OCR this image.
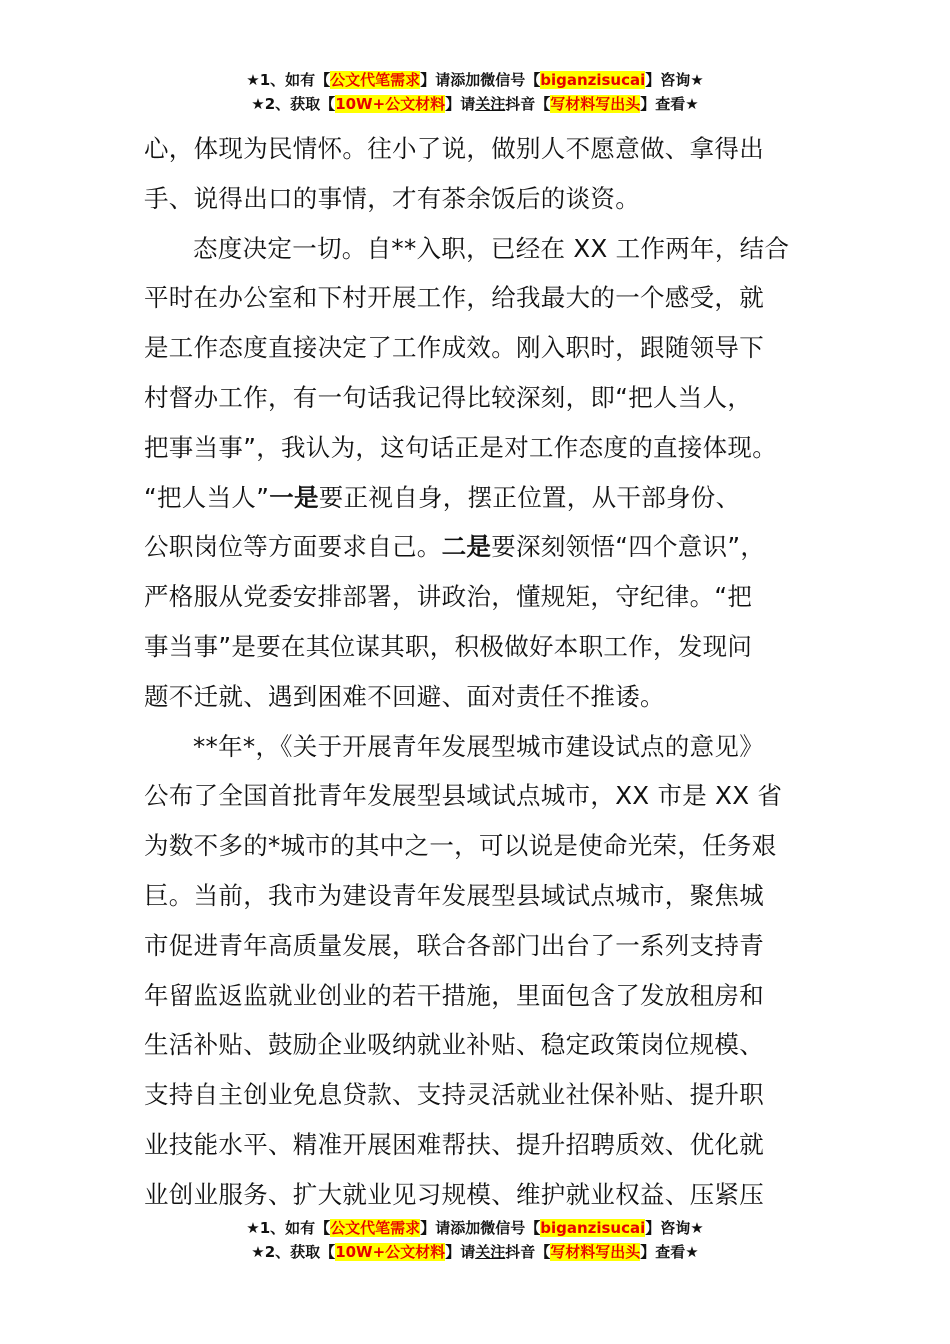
★1、如有【公文代笔需求】请添加微信号【biganzisucai】咨询★
★2、获取【10W+公文材料】请关注抖音【写材料写出头】查看★
心，体现为民情怀。往小了说，做别人不愿意做、拿得出
手、说得出口的事情，才有茶余饭后的谈资。
态度决定一切。自**入职，已经在 XX 工作两年，结合
平时在办公室和下村开展工作，给我最大的一个感受，就
是工作态度直接决定了工作成效。刚入职时，跟随领导下
村督办工作，有一句话我记得比较深刻，即“把人当人，
把事当事”，我认为，这句话正是对工作态度的直接体现。
“把人当人”一是要正视自身，摆正位置，从干部身份、
公职岗位等方面要求自己。二是要深刻领悟“四个意识”，
严格服从党委安排部署，讲政治，懂规矩，守纪律。“把
事当事”是要在其位谋其职，积极做好本职工作，发现问
题不迁就、遇到困难不回避、面对责任不推诿。
**年*，《关于开展青年发展型城市建设试点的意见》
公布了全国首批青年发展型县域试点城市，XX 市是 XX 省
为数不多的*城市的其中之一，可以说是使命光荣，任务艰
巨。当前，我市为建设青年发展型县域试点城市，聚焦城
市促进青年高质量发展，联合各部门出台了一系列支持青
年留监返监就业创业的若干措施，里面包含了发放租房和
生活补贴、鼓励企业吸纳就业补贴、稳定政策岗位规模、
支持自主创业免息贷款、支持灵活就业社保补贴、提升职
业技能水平、精准开展困难帮扶、提升招聘质效、优化就
业创业服务、扩大就业见习规模、维护就业权益、压紧压
★1、如有【公文代笔需求】请添加微信号【biganzisucai】咨询★
★2、获取【10W+公文材料】请关注抖音【写材料写出头】查看★
